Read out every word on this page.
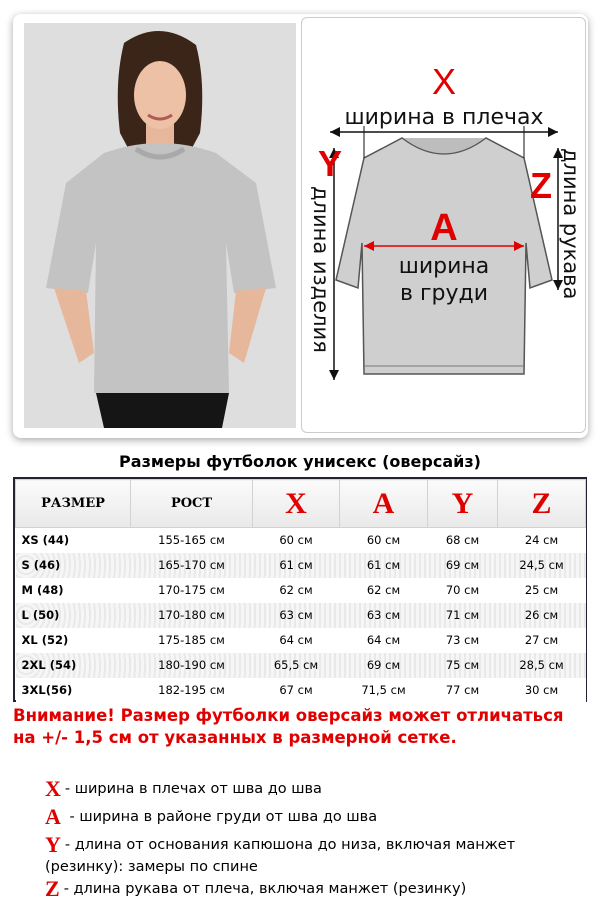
X
ширина в плечах
A
ширина
в груди
Y
длина изделия
Z длина рукава
Размеры футболок унисекс (оверсайз)
РАЗМЕР	РОСТ	X	A	Y	Z
XS (44)	155-165 см	60 см	60 см	68 см	24 см
S (46)	165-170 см	61 см	61 см	69 см	24,5 см
M (48)	170-175 см	62 см	62 см	70 см	25 см
L (50)	170-180 см	63 см	63 см	71 см	26 см
XL (52)	175-185 см	64 см	64 см	73 см	27 см
2XL (54)	180-190 см	65,5 см	69 см	75 см	28,5 см
3XL(56)	182-195 см	67 см	71,5 см	77 см	30 см
Внимание! Размер футболки оверсайз может отличаться на +/- 1,5 см от указанных в размерной сетке.
X - ширина в плечах от шва до шва
A - ширина в районе груди от шва до шва
Y - длина от основания капюшона до низа, включая манжет (резинку): замеры по спине
Z - длина рукава от плеча, включая манжет (резинку)
